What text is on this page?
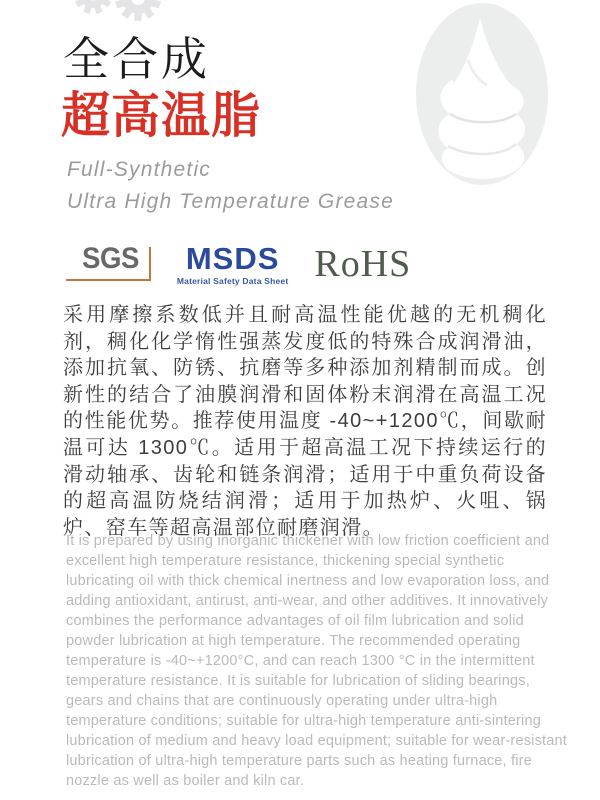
全合成
超高温脂
Full-Synthetic
Ultra High Temperature Grease
SGS MSDS
Material Safety Data Sheet RoHS
采用摩擦系数低并且耐高温性能优越的无机稠化剂，稠化化学惰性强蒸发度低的特殊合成润滑油，添加抗氧、防锈、抗磨等多种添加剂精制而成。创新性的结合了油膜润滑和固体粉末润滑在高温工况的性能优势。推荐使用温度 -40~+1200℃，间歇耐温可达 1300℃。适用于超高温工况下持续运行的滑动轴承、齿轮和链条润滑；适用于中重负荷设备的超高温防烧结润滑；适用于加热炉、火咀、锅炉、窑车等超高温部位耐磨润滑。
It is prepared by using inorganic thickener with low friction coefficient and excellent high temperature resistance, thickening special synthetic lubricating oil with thick chemical inertness and low evaporation loss, and adding antioxidant, antirust, anti-wear, and other additives. It innovatively combines the performance advantages of oil film lubrication and solid powder lubrication at high temperature. The recommended operating temperature is -40~+1200°C, and can reach 1300 °C in the intermittent temperature resistance. It is suitable for lubrication of sliding bearings, gears and chains that are continuously operating under ultra-high temperature conditions; suitable for ultra-high temperature anti-sintering lubrication of medium and heavy load equipment; suitable for wear-resistant lubrication of ultra-high temperature parts such as heating furnace, fire nozzle as well as boiler and kiln car.
